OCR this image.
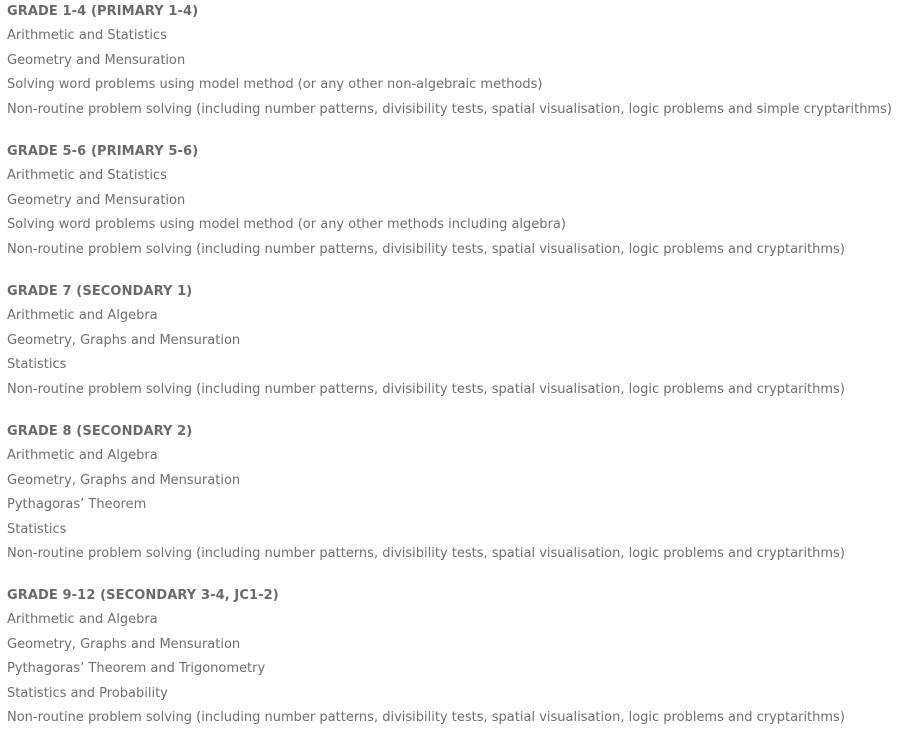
GRADE 1-4 (PRIMARY 1-4)
Arithmetic and Statistics
Geometry and Mensuration
Solving word problems using model method (or any other non-algebraic methods)
Non-routine problem solving (including number patterns, divisibility tests, spatial visualisation, logic problems and simple cryptarithms)
GRADE 5-6 (PRIMARY 5-6)
Arithmetic and Statistics
Geometry and Mensuration
Solving word problems using model method (or any other methods including algebra)
Non-routine problem solving (including number patterns, divisibility tests, spatial visualisation, logic problems and cryptarithms)
GRADE 7 (SECONDARY 1)
Arithmetic and Algebra
Geometry, Graphs and Mensuration
Statistics
Non-routine problem solving (including number patterns, divisibility tests, spatial visualisation, logic problems and cryptarithms)
GRADE 8 (SECONDARY 2)
Arithmetic and Algebra
Geometry, Graphs and Mensuration
Pythagoras’ Theorem
Statistics
Non-routine problem solving (including number patterns, divisibility tests, spatial visualisation, logic problems and cryptarithms)
GRADE 9-12 (SECONDARY 3-4, JC1-2)
Arithmetic and Algebra
Geometry, Graphs and Mensuration
Pythagoras’ Theorem and Trigonometry
Statistics and Probability
Non-routine problem solving (including number patterns, divisibility tests, spatial visualisation, logic problems and cryptarithms)
